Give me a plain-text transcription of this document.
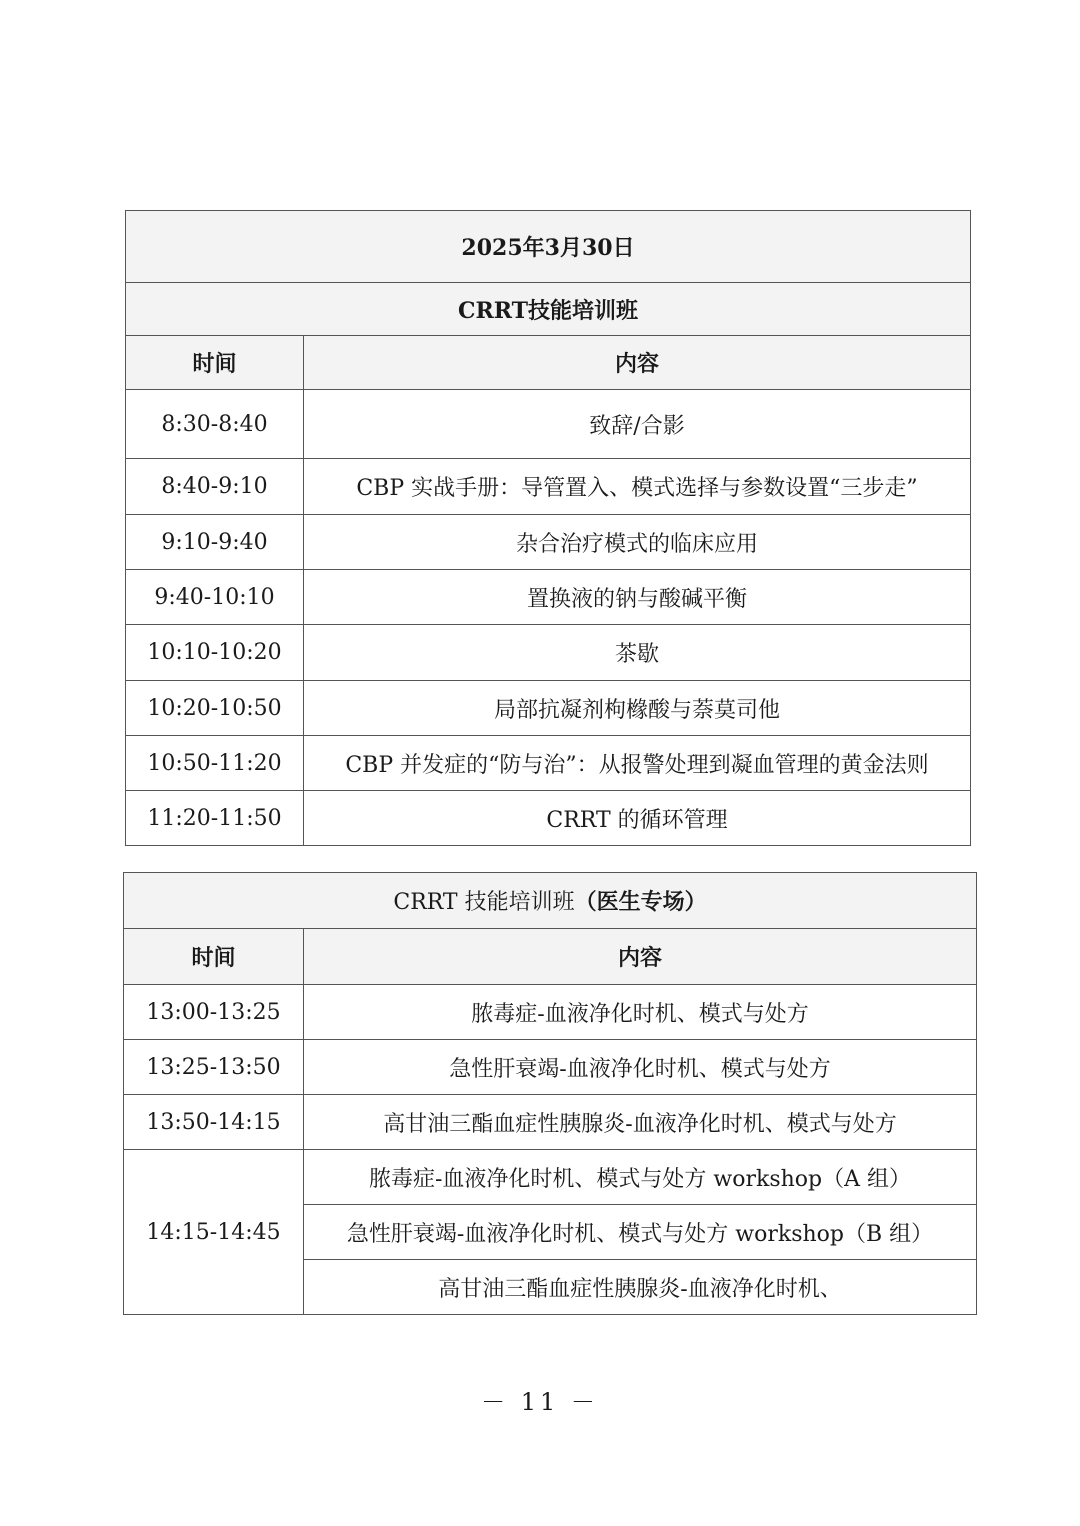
2025年3月30日	
CRRT技能培训班	
时间	内容
8:30-8:40	致辞/合影
8:40-9:10	CBP 实战手册：导管置入、模式选择与参数设置“三步走”
9:10-9:40	杂合治疗模式的临床应用
9:40-10:10	置换液的钠与酸碱平衡
10:10-10:20	茶歇
10:20-10:50	局部抗凝剂枸橼酸与萘莫司他
10:50-11:20	CBP 并发症的“防与治”：从报警处理到凝血管理的黄金法则
11:20-11:50	CRRT 的循环管理
CRRT 技能培训班（医生专场）	
时间	内容
13:00-13:25	脓毒症-血液净化时机、模式与处方
13:25-13:50	急性肝衰竭-血液净化时机、模式与处方
13:50-14:15	高甘油三酯血症性胰腺炎-血液净化时机、模式与处方
14:15-14:45	脓毒症-血液净化时机、模式与处方 workshop（A 组）
	急性肝衰竭-血液净化时机、模式与处方 workshop（B 组）
	高甘油三酯血症性胰腺炎-血液净化时机、
－ 11 －
